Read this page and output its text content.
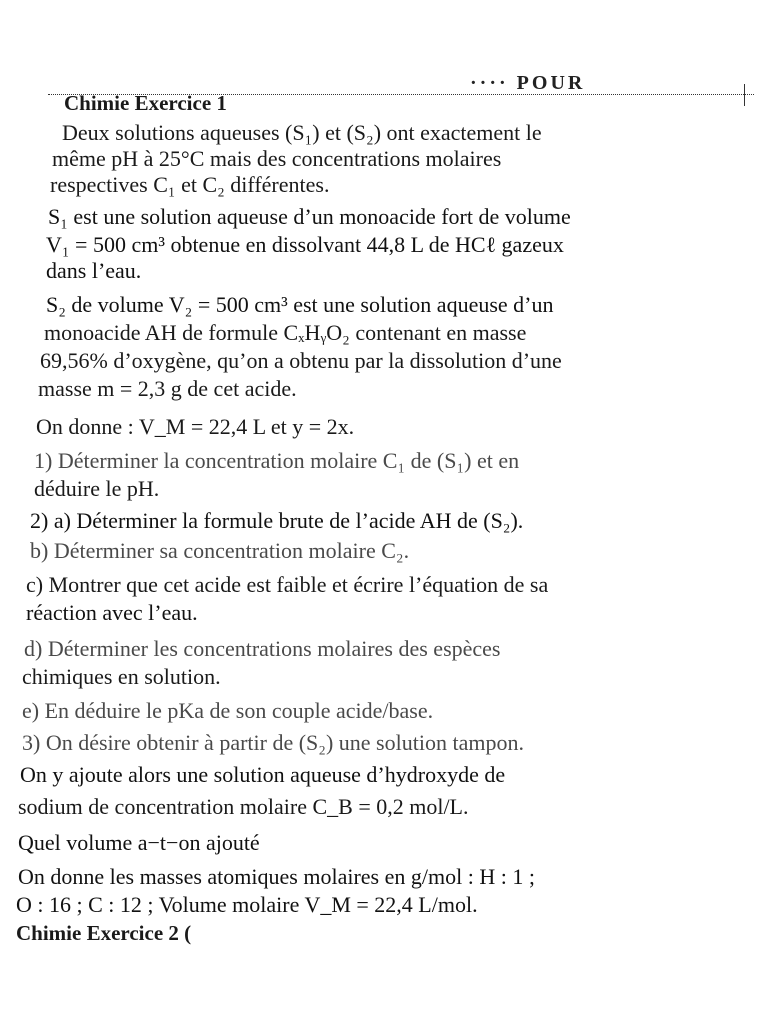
···· POUR
Chimie Exercice 1
Deux solutions aqueuses (S₁) et (S₂) ont exactement le
même pH à 25°C mais des concentrations molaires
respectives C₁ et C₂ différentes.
S₁ est une solution aqueuse d’un monoacide fort de volume
V₁ = 500 cm³ obtenue en dissolvant 44,8 L de HCℓ gazeux
dans l’eau.
S₂ de volume V₂ = 500 cm³ est une solution aqueuse d’un
monoacide AH de formule CₓHᵧO₂ contenant en masse
69,56% d’oxygène, qu’on a obtenu par la dissolution d’une
masse m = 2,3 g de cet acide.
On donne : V_M = 22,4 L et y = 2x.
1) Déterminer la concentration molaire C₁ de (S₁) et en
déduire le pH.
2) a) Déterminer la formule brute de l’acide AH de (S₂).
b) Déterminer sa concentration molaire C₂.
c) Montrer que cet acide est faible et écrire l’équation de sa
réaction avec l’eau.
d) Déterminer les concentrations molaires des espèces
chimiques en solution.
e) En déduire le pKa de son couple acide/base.
3) On désire obtenir à partir de (S₂) une solution tampon.
On y ajoute alors une solution aqueuse d’hydroxyde de
sodium de concentration molaire C_B = 0,2 mol/L.
Quel volume a−t−on ajouté
On donne les masses atomiques molaires en g/mol : H : 1 ;
O : 16 ; C : 12 ; Volume molaire V_M = 22,4 L/mol.
Chimie Exercice 2 (
